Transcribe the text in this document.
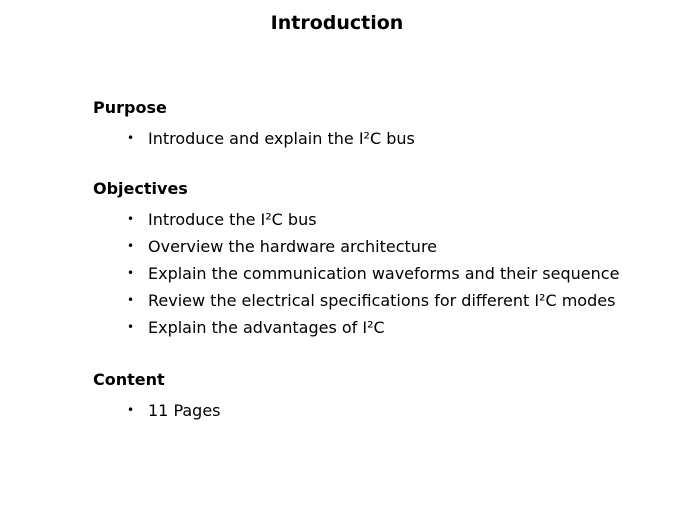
Introduction
Purpose
• Introduce and explain the I²C bus
Objectives
• Introduce the I²C bus
• Overview the hardware architecture
• Explain the communication waveforms and their sequence
• Review the electrical specifications for different I²C modes
• Explain the advantages of I²C
Content
• 11 Pages
